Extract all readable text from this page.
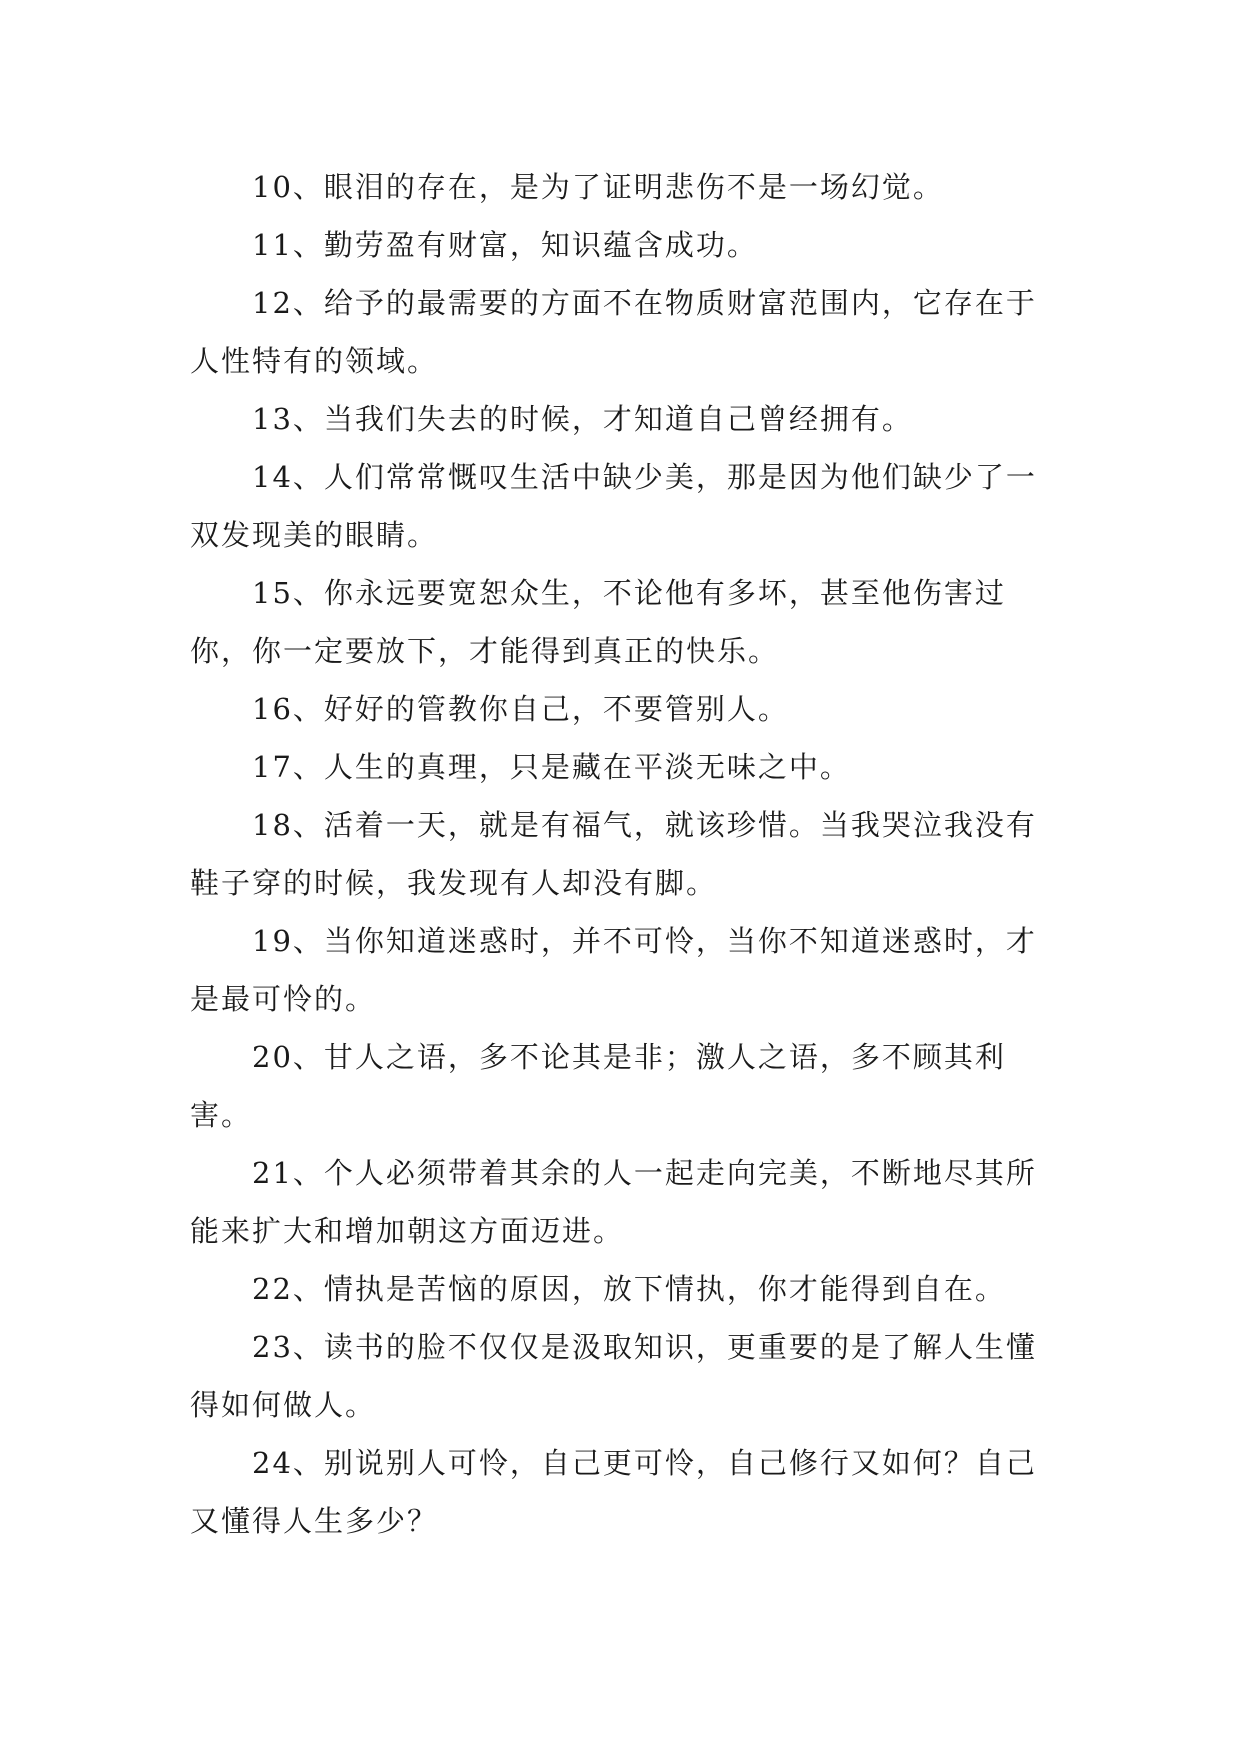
10、眼泪的存在，是为了证明悲伤不是一场幻觉。

11、勤劳盈有财富，知识蕴含成功。

12、给予的最需要的方面不在物质财富范围内，它存在于人性特有的领域。

13、当我们失去的时候，才知道自己曾经拥有。

14、人们常常慨叹生活中缺少美，那是因为他们缺少了一双发现美的眼睛。

15、你永远要宽恕众生，不论他有多坏，甚至他伤害过你，你一定要放下，才能得到真正的快乐。

16、好好的管教你自己，不要管别人。

17、人生的真理，只是藏在平淡无味之中。

18、活着一天，就是有福气，就该珍惜。当我哭泣我没有鞋子穿的时候，我发现有人却没有脚。

19、当你知道迷惑时，并不可怜，当你不知道迷惑时，才是最可怜的。

20、甘人之语，多不论其是非；激人之语，多不顾其利害。

21、个人必须带着其余的人一起走向完美，不断地尽其所能来扩大和增加朝这方面迈进。

22、情执是苦恼的原因，放下情执，你才能得到自在。

23、读书的脸不仅仅是汲取知识，更重要的是了解人生懂得如何做人。

24、别说别人可怜，自己更可怜，自己修行又如何？自己又懂得人生多少？
